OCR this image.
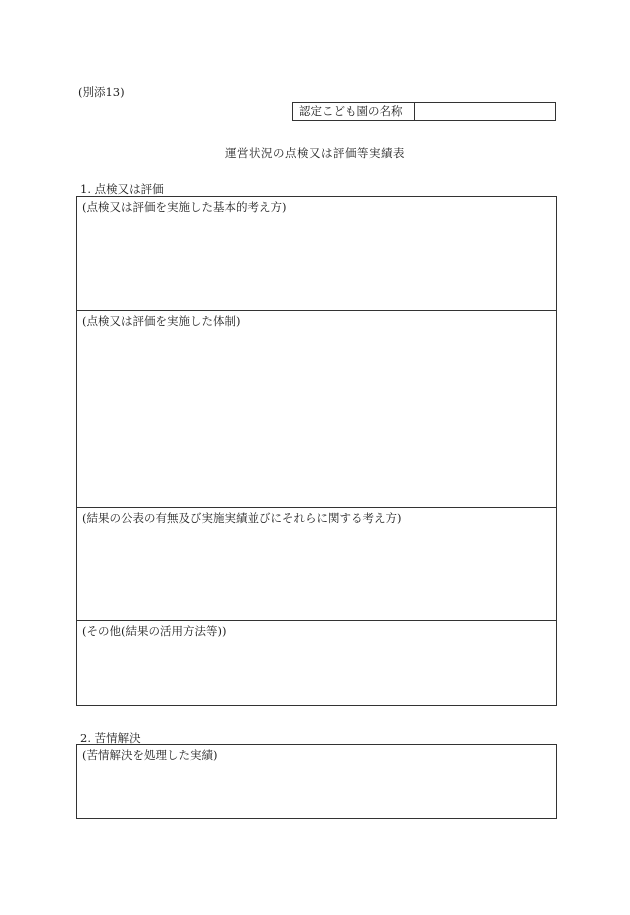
(別添13)
認定こども園の名称
運営状況の点検又は評価等実績表
1. 点検又は評価
(点検又は評価を実施した基本的考え方)
(点検又は評価を実施した体制)
(結果の公表の有無及び実施実績並びにそれらに関する考え方)
(その他(結果の活用方法等))
2. 苦情解決
(苦情解決を処理した実績)
